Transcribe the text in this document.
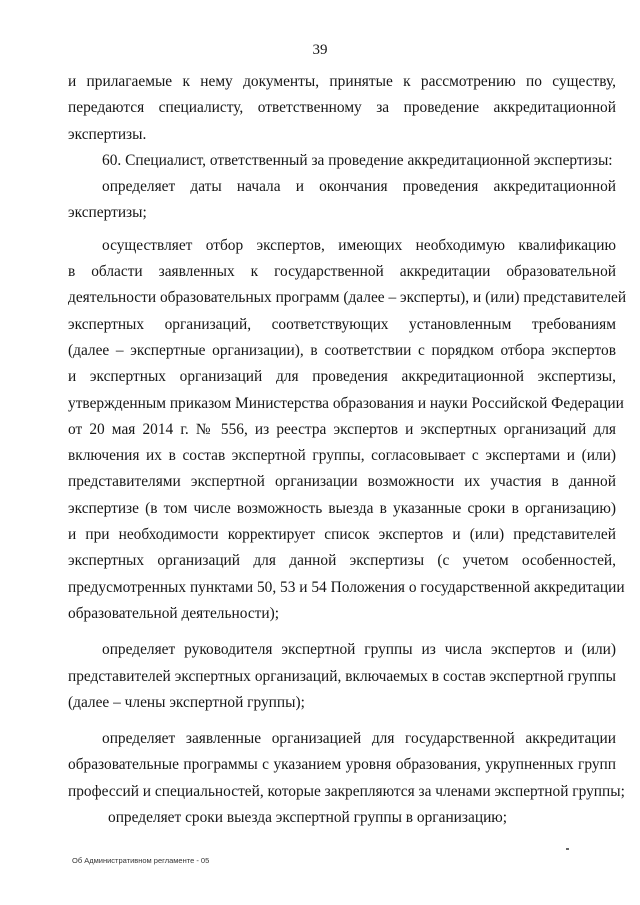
39
и прилагаемые к нему документы, принятые к рассмотрению по существу,
передаются специалисту, ответственному за проведение аккредитационной
экспертизы.
60. Специалист, ответственный за проведение аккредитационной экспертизы:
определяет даты начала и окончания проведения аккредитационной
экспертизы;
осуществляет отбор экспертов, имеющих необходимую квалификацию
в области заявленных к государственной аккредитации образовательной
деятельности образовательных программ (далее – эксперты), и (или) представителей
экспертных организаций, соответствующих установленным требованиям
(далее – экспертные организации), в соответствии с порядком отбора экспертов
и экспертных организаций для проведения аккредитационной экспертизы,
утвержденным приказом Министерства образования и науки Российской Федерации
от 20 мая 2014 г. № 556, из реестра экспертов и экспертных организаций для
включения их в состав экспертной группы, согласовывает с экспертами и (или)
представителями экспертной организации возможности их участия в данной
экспертизе (в том числе возможность выезда в указанные сроки в организацию)
и при необходимости корректирует список экспертов и (или) представителей
экспертных организаций для данной экспертизы (с учетом особенностей,
предусмотренных пунктами 50, 53 и 54 Положения о государственной аккредитации
образовательной деятельности);
определяет руководителя экспертной группы из числа экспертов и (или)
представителей экспертных организаций, включаемых в состав экспертной группы
(далее – члены экспертной группы);
определяет заявленные организацией для государственной аккредитации
образовательные программы с указанием уровня образования, укрупненных групп
профессий и специальностей, которые закрепляются за членами экспертной группы;
определяет сроки выезда экспертной группы в организацию;
Об Административном регламенте - 05
